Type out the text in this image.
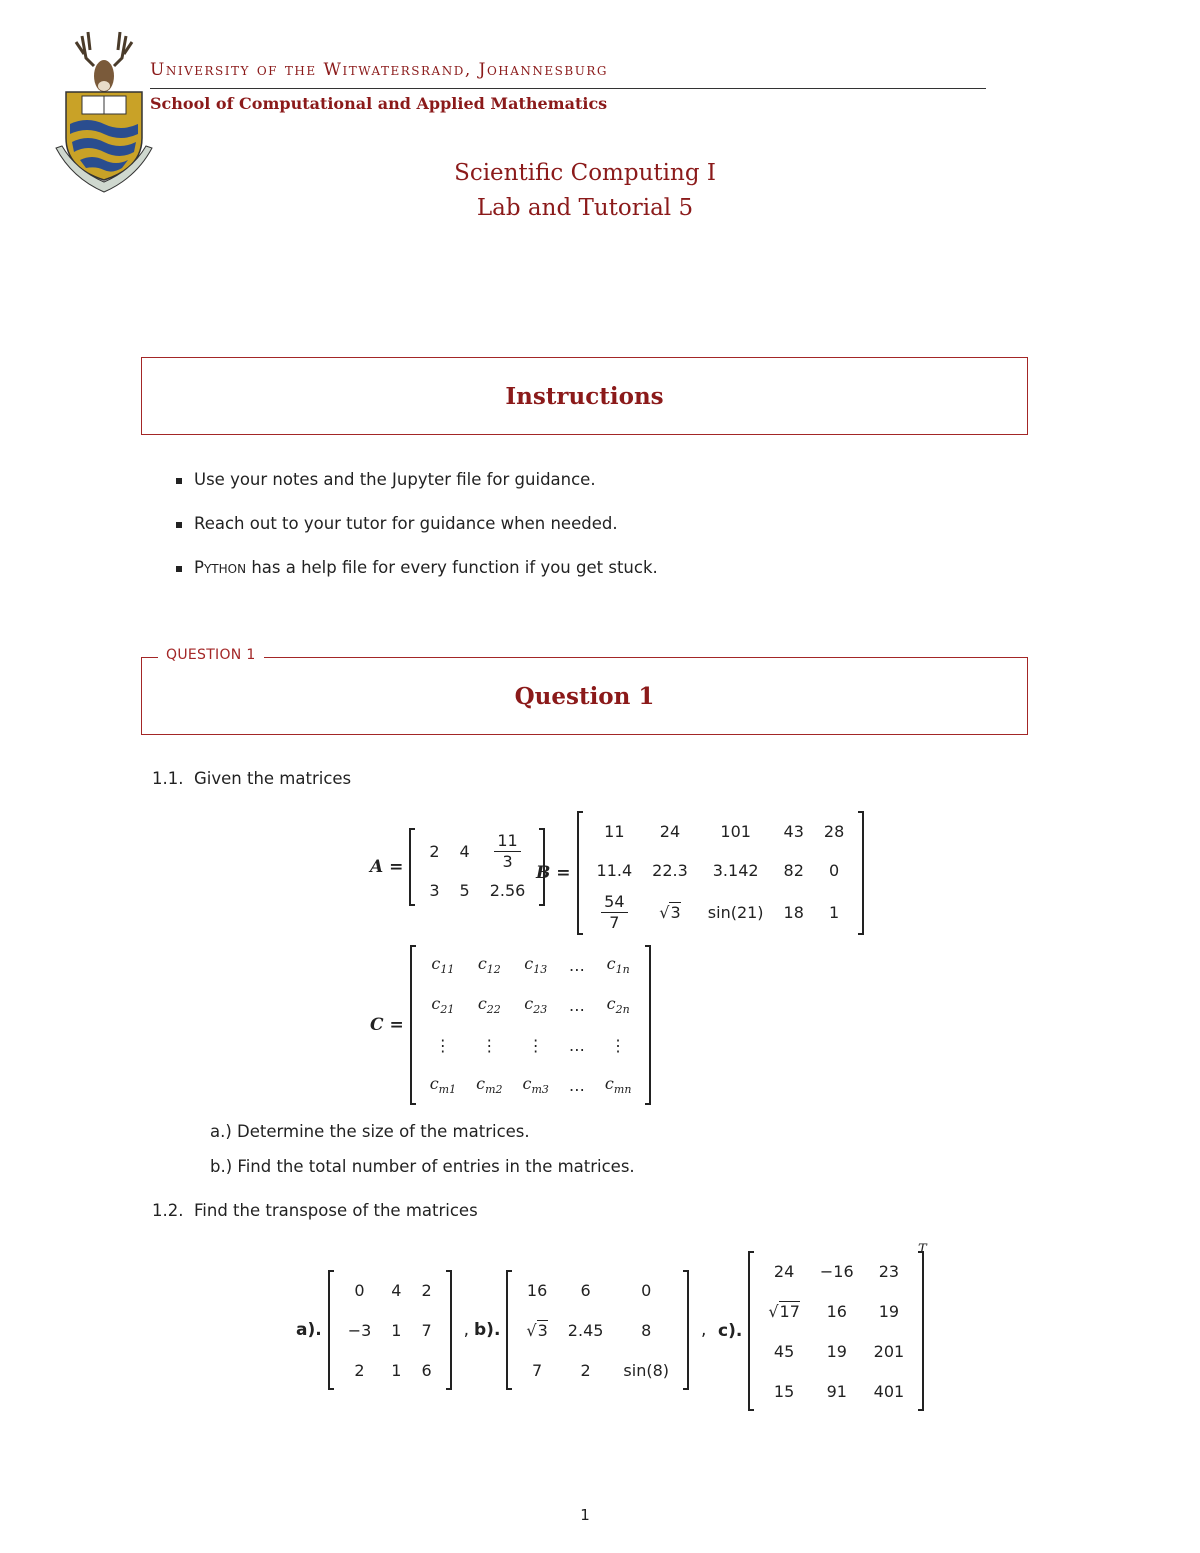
University of the Witwatersrand, Johannesburg
School of Computational and Applied Mathematics
Scientific Computing I
Lab and Tutorial 5
Instructions
Use your notes and the Jupyter file for guidance.
Reach out to your tutor for guidance when needed.
Python has a help file for every function if you get stuck.
Question 1
QUESTION 1
1.1. Given the matrices
A =
2	4	$\frac{11}{3}$

3	5	2.56
B =
11	24	101	43	28
11.4	22.3	3.142	82	0

$\frac{54}{7}$	√3	sin(21)	18	1
C =
$c_{11}$	$c_{12}$	$c_{13}$	…	$c_{1n}$
$c_{21}$	$c_{22}$	$c_{23}$	…	$c_{2n}$
⋮	⋮	⋮	…	⋮
$c_{m1}$	$c_{m2}$	$c_{m3}$	…	$c_{mn}$
a.) Determine the size of the matrices.
b.) Find the total number of entries in the matrices.
1.2. Find the transpose of the matrices
a).
0	4	2
−3	1	7
2	1	6
, b).
16	6	0
√3	2.45	8
7	2	sin(8)
, c).
24	−16	23
√17	16	19
45	19	201
15	91	401
T
1
